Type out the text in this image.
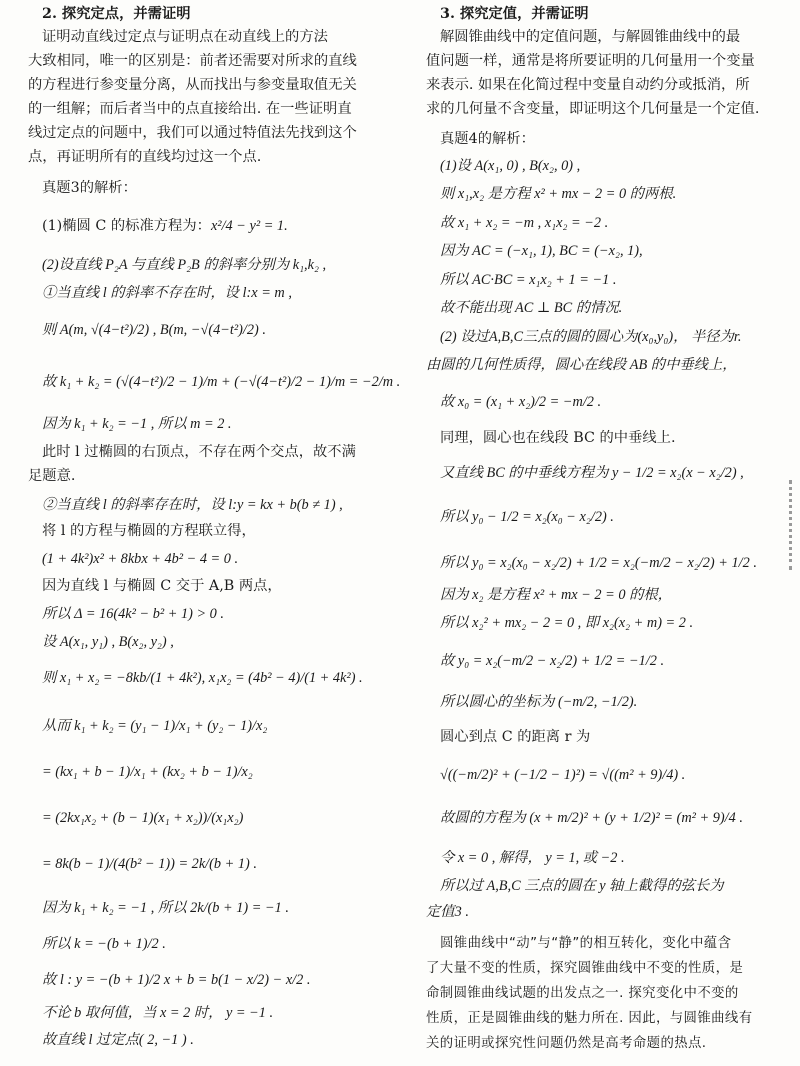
2. 探究定点，并需证明
证明动直线过定点与证明点在动直线上的方法
大致相同，唯一的区别是：前者还需要对所求的直线
的方程进行参变量分离，从而找出与参变量取值无关
的一组解；而后者当中的点直接给出. 在一些证明直
线过定点的问题中，我们可以通过特值法先找到这个
点，再证明所有的直线均过这一个点.
真题3的解析：
(1)椭圆 C 的标准方程为：x²/4 − y² = 1.
(2)设直线 P₂A 与直线 P₂B 的斜率分别为 k₁,k₂ ,
①当直线 l 的斜率不存在时，设 l:x = m ,
则 A(m, √(4−t²)/2) , B(m, −√(4−t²)/2) .
故 k₁ + k₂ = (√(4−t²)/2 − 1)/m + (−√(4−t²)/2 − 1)/m = −2/m .
因为 k₁ + k₂ = −1 , 所以 m = 2 .
此时 l 过椭圆的右顶点，不存在两个交点，故不满
足题意.
②当直线 l 的斜率存在时，设 l:y = kx + b(b ≠ 1) ,
将 l 的方程与椭圆的方程联立得，
(1 + 4k²)x² + 8kbx + 4b² − 4 = 0 .
因为直线 l 与椭圆 C 交于 A,B 两点，
所以 Δ = 16(4k² − b² + 1) > 0 .
设 A(x₁, y₁) , B(x₂, y₂) ,
则 x₁ + x₂ = −8kb/(1 + 4k²), x₁x₂ = (4b² − 4)/(1 + 4k²) .
从而 k₁ + k₂ = (y₁ − 1)/x₁ + (y₂ − 1)/x₂
= (kx₁ + b − 1)/x₁ + (kx₂ + b − 1)/x₂
= (2kx₁x₂ + (b − 1)(x₁ + x₂))/(x₁x₂)
= 8k(b − 1)/(4(b² − 1)) = 2k/(b + 1) .
因为 k₁ + k₂ = −1 , 所以 2k/(b + 1) = −1 .
所以 k = −(b + 1)/2 .
故 l : y = −(b + 1)/2 x + b = b(1 − x/2) − x/2 .
不论 b 取何值，当 x = 2 时， y = −1 .
故直线 l 过定点( 2, −1 ) .
3. 探究定值，并需证明
解圆锥曲线中的定值问题，与解圆锥曲线中的最
值问题一样，通常是将所要证明的几何量用一个变量
来表示. 如果在化简过程中变量自动约分或抵消，所
求的几何量不含变量，即证明这个几何量是一个定值.
真题4的解析：
(1)设 A(x₁, 0) , B(x₂, 0) ,
则 x₁,x₂ 是方程 x² + mx − 2 = 0 的两根.
故 x₁ + x₂ = −m , x₁x₂ = −2 .
因为 AC = (−x₁, 1), BC = (−x₂, 1),
所以 AC·BC = x₁x₂ + 1 = −1 .
故不能出现 AC ⊥ BC 的情况.
(2) 设过A,B,C三点的圆的圆心为(x₀,y₀)， 半径为r.
由圆的几何性质得，圆心在线段 AB 的中垂线上，
故 x₀ = (x₁ + x₂)/2 = −m/2 .
同理，圆心也在线段 BC 的中垂线上.
又直线 BC 的中垂线方程为 y − 1/2 = x₂(x − x₂/2) ,
所以 y₀ − 1/2 = x₂(x₀ − x₂/2) .
所以 y₀ = x₂(x₀ − x₂/2) + 1/2 = x₂(−m/2 − x₂/2) + 1/2 .
因为 x₂ 是方程 x² + mx − 2 = 0 的根，
所以 x₂² + mx₂ − 2 = 0 , 即 x₂(x₂ + m) = 2 .
故 y₀ = x₂(−m/2 − x₂/2) + 1/2 = −1/2 .
所以圆心的坐标为 (−m/2, −1/2).
圆心到点 C 的距离 r 为
√((−m/2)² + (−1/2 − 1)²) = √((m² + 9)/4) .
故圆的方程为 (x + m/2)² + (y + 1/2)² = (m² + 9)/4 .
令 x = 0 , 解得， y = 1, 或 −2 .
所以过 A,B,C 三点的圆在 y 轴上截得的弦长为
定值3 .
圆锥曲线中“动”与“静”的相互转化，变化中蕴含
了大量不变的性质，探究圆锥曲线中不变的性质，是
命制圆锥曲线试题的出发点之一. 探究变化中不变的
性质，正是圆锥曲线的魅力所在. 因此，与圆锥曲线有
关的证明或探究性问题仍然是高考命题的热点.
